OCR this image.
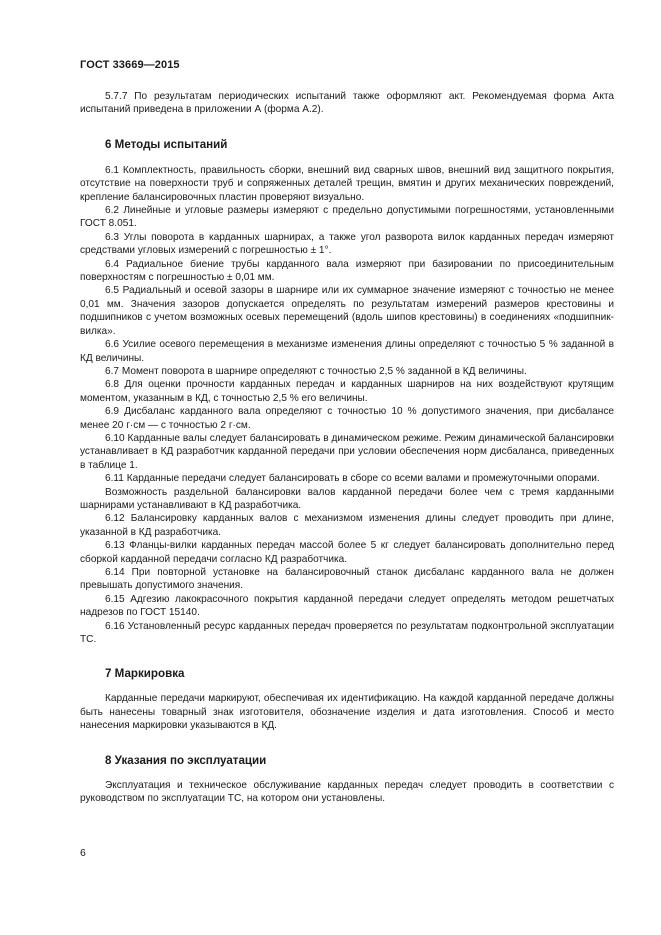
ГОСТ 33669—2015

5.7.7 По результатам периодических испытаний также оформляют акт. Рекомендуемая форма Акта испытаний приведена в приложении А (форма А.2).

6 Методы испытаний

6.1 Комплектность, правильность сборки, внешний вид сварных швов, внешний вид защитного покрытия, отсутствие на поверхности труб и сопряженных деталей трещин, вмятин и других механических повреждений, крепление балансировочных пластин проверяют визуально.

6.2 Линейные и угловые размеры измеряют с предельно допустимыми погрешностями, установленными ГОСТ 8.051.

6.3 Углы поворота в карданных шарнирах, а также угол разворота вилок карданных передач измеряют средствами угловых измерений с погрешностью ± 1°.

6.4 Радиальное биение трубы карданного вала измеряют при базировании по присоединительным поверхностям с погрешностью ± 0,01 мм.

6.5 Радиальный и осевой зазоры в шарнире или их суммарное значение измеряют с точностью не менее 0,01 мм. Значения зазоров допускается определять по результатам измерений размеров крестовины и подшипников с учетом возможных осевых перемещений (вдоль шипов крестовины) в соединениях «подшипник-вилка».

6.6 Усилие осевого перемещения в механизме изменения длины определяют с точностью 5 % заданной в КД величины.

6.7 Момент поворота в шарнире определяют с точностью 2,5 % заданной в КД величины.

6.8 Для оценки прочности карданных передач и карданных шарниров на них воздействуют крутящим моментом, указанным в КД, с точностью 2,5 % его величины.

6.9 Дисбаланс карданного вала определяют с точностью 10 % допустимого значения, при дисбалансе менее 20 г·см — с точностью 2 г·см.

6.10 Карданные валы следует балансировать в динамическом режиме. Режим динамической балансировки устанавливает в КД разработчик карданной передачи при условии обеспечения норм дисбаланса, приведенных в таблице 1.

6.11 Карданные передачи следует балансировать в сборе со всеми валами и промежуточными опорами.

Возможность раздельной балансировки валов карданной передачи более чем с тремя карданными шарнирами устанавливают в КД разработчика.

6.12 Балансировку карданных валов с механизмом изменения длины следует проводить при длине, указанной в КД разработчика.

6.13 Фланцы-вилки карданных передач массой более 5 кг следует балансировать дополнительно перед сборкой карданной передачи согласно КД разработчика.

6.14 При повторной установке на балансировочный станок дисбаланс карданного вала не должен превышать допустимого значения.

6.15 Адгезию лакокрасочного покрытия карданной передачи следует определять методом решетчатых надрезов по ГОСТ 15140.

6.16 Установленный ресурс карданных передач проверяется по результатам подконтрольной эксплуатации ТС.

7 Маркировка

Карданные передачи маркируют, обеспечивая их идентификацию. На каждой карданной передаче должны быть нанесены товарный знак изготовителя, обозначение изделия и дата изготовления. Способ и место нанесения маркировки указываются в КД.

8 Указания по эксплуатации

Эксплуатация и техническое обслуживание карданных передач следует проводить в соответствии с руководством по эксплуатации ТС, на котором они установлены.

6
